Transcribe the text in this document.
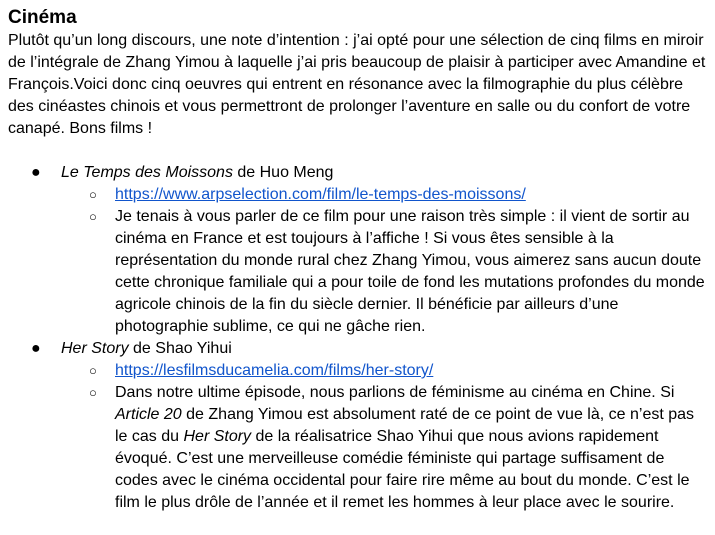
Cinéma

Plutôt qu’un long discours, une note d’intention : j’ai opté pour une sélection de cinq films en miroir de l’intégrale de Zhang Yimou à laquelle j’ai pris beaucoup de plaisir à participer avec Amandine et François.Voici donc cinq oeuvres qui entrent en résonance avec la filmographie du plus célèbre des cinéastes chinois et vous permettront de prolonger l’aventure en salle ou du confort de votre canapé. Bons films !

● Le Temps des Moissons de Huo Meng
○ https://www.arpselection.com/film/le-temps-des-moissons/
○ Je tenais à vous parler de ce film pour une raison très simple : il vient de sortir au cinéma en France et est toujours à l’affiche ! Si vous êtes sensible à la représentation du monde rural chez Zhang Yimou, vous aimerez sans aucun doute cette chronique familiale qui a pour toile de fond les mutations profondes du monde agricole chinois de la fin du siècle dernier. Il bénéficie par ailleurs d’une photographie sublime, ce qui ne gâche rien.
● Her Story de Shao Yihui
○ https://lesfilmsducamelia.com/films/her-story/
○ Dans notre ultime épisode, nous parlions de féminisme au cinéma en Chine. Si Article 20 de Zhang Yimou est absolument raté de ce point de vue là, ce n’est pas le cas du Her Story de la réalisatrice Shao Yihui que nous avions rapidement évoqué. C’est une merveilleuse comédie féministe qui partage suffisament de codes avec le cinéma occidental pour faire rire même au bout du monde. C’est le film le plus drôle de l’année et il remet les hommes à leur place avec le sourire.
